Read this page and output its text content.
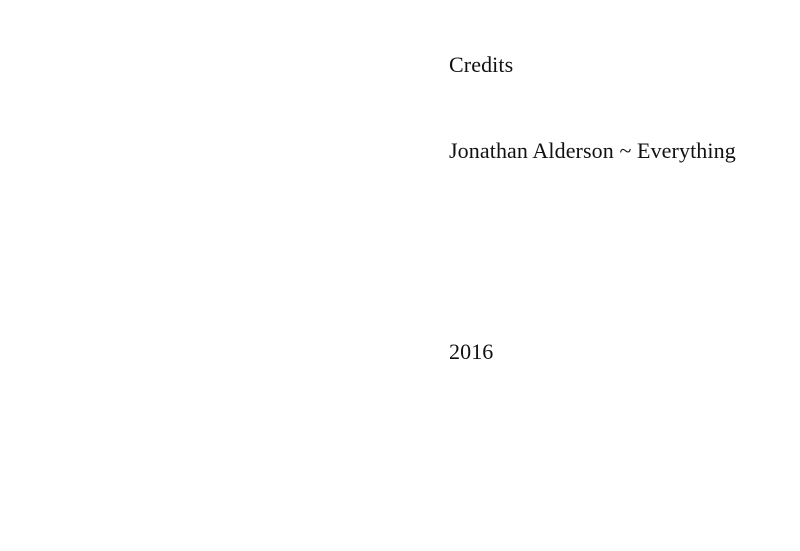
Credits
Jonathan Alderson ~ Everything
2016
